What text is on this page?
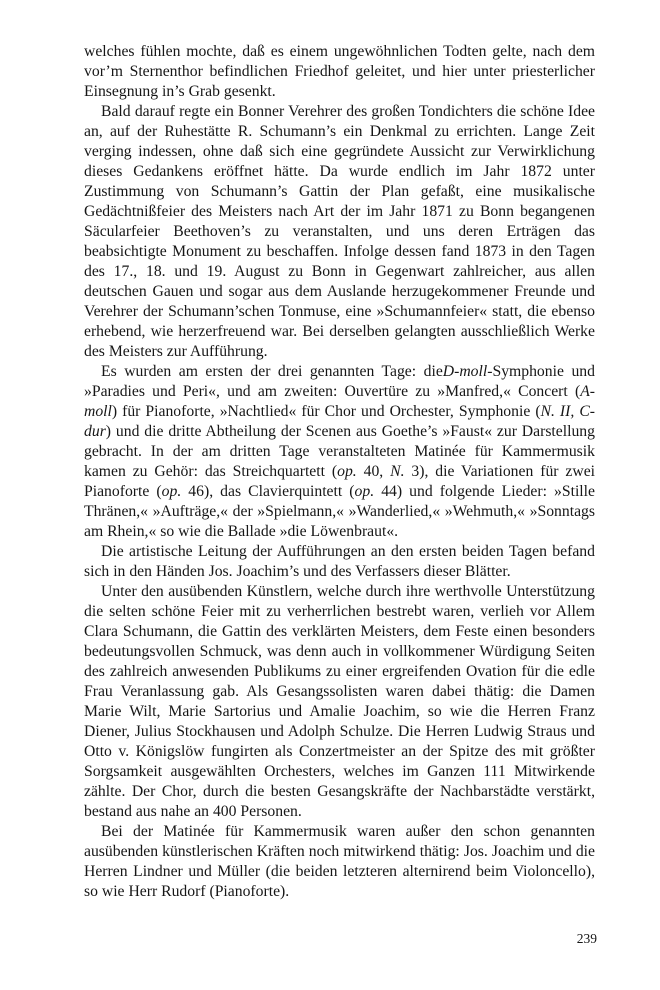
welches fühlen mochte, daß es einem ungewöhnlichen Todten gelte, nach dem vor’m Sternenthor befindlichen Friedhof geleitet, und hier unter priesterlicher Einsegnung in’s Grab gesenkt.

Bald darauf regte ein Bonner Verehrer des großen Tondichters die schöne Idee an, auf der Ruhestätte R. Schumann’s ein Denkmal zu errichten. Lange Zeit verging indessen, ohne daß sich eine gegründete Aussicht zur Verwirklichung dieses Gedankens eröffnet hätte. Da wurde endlich im Jahr 1872 unter Zustimmung von Schumann’s Gattin der Plan gefaßt, eine musikalische Gedächtnißfeier des Meisters nach Art der im Jahr 1871 zu Bonn begangenen Säcularfeier Beethoven’s zu veranstalten, und uns deren Erträgen das beabsichtigte Monument zu beschaffen. Infolge dessen fand 1873 in den Tagen des 17., 18. und 19. August zu Bonn in Gegenwart zahlreicher, aus allen deutschen Gauen und sogar aus dem Auslande herzugekommener Freunde und Verehrer der Schumann’schen Tonmuse, eine »Schumannfeier« statt, die ebenso erhebend, wie herzerfreuend war. Bei derselben gelangten ausschließlich Werke des Meisters zur Aufführung.

Es wurden am ersten der drei genannten Tage: dieD-moll-Symphonie und »Paradies und Peri«, und am zweiten: Ouvertüre zu »Manfred,« Concert (A-moll) für Pianoforte, »Nachtlied« für Chor und Orchester, Symphonie (N. II, C-dur) und die dritte Abtheilung der Scenen aus Goethe’s »Faust« zur Darstellung gebracht. In der am dritten Tage veranstalteten Matinée für Kammermusik kamen zu Gehör: das Streichquartett (op. 40, N. 3), die Variationen für zwei Pianoforte (op. 46), das Clavierquintett (op. 44) und folgende Lieder: »Stille Thränen,« »Aufträge,« der »Spielmann,« »Wanderlied,« »Wehmuth,« »Sonntags am Rhein,« so wie die Ballade »die Löwenbraut«.

Die artistische Leitung der Aufführungen an den ersten beiden Tagen befand sich in den Händen Jos. Joachim’s und des Verfassers dieser Blätter.

Unter den ausübenden Künstlern, welche durch ihre werthvolle Unterstützung die selten schöne Feier mit zu verherrlichen bestrebt waren, verlieh vor Allem Clara Schumann, die Gattin des verklärten Meisters, dem Feste einen besonders bedeutungsvollen Schmuck, was denn auch in vollkommener Würdigung Seiten des zahlreich anwesenden Publikums zu einer ergreifenden Ovation für die edle Frau Veranlassung gab. Als Gesangssolisten waren dabei thätig: die Damen Marie Wilt, Marie Sartorius und Amalie Joachim, so wie die Herren Franz Diener, Julius Stockhausen und Adolph Schulze. Die Herren Ludwig Straus und Otto v. Königslöw fungirten als Conzertmeister an der Spitze des mit größter Sorgsamkeit ausgewählten Orchesters, welches im Ganzen 111 Mitwirkende zählte. Der Chor, durch die besten Gesangskräfte der Nachbarstädte verstärkt, bestand aus nahe an 400 Personen.

Bei der Matinée für Kammermusik waren außer den schon genannten ausübenden künstlerischen Kräften noch mitwirkend thätig: Jos. Joachim und die Herren Lindner und Müller (die beiden letzteren alternirend beim Violoncello), so wie Herr Rudorf (Pianoforte).

239
